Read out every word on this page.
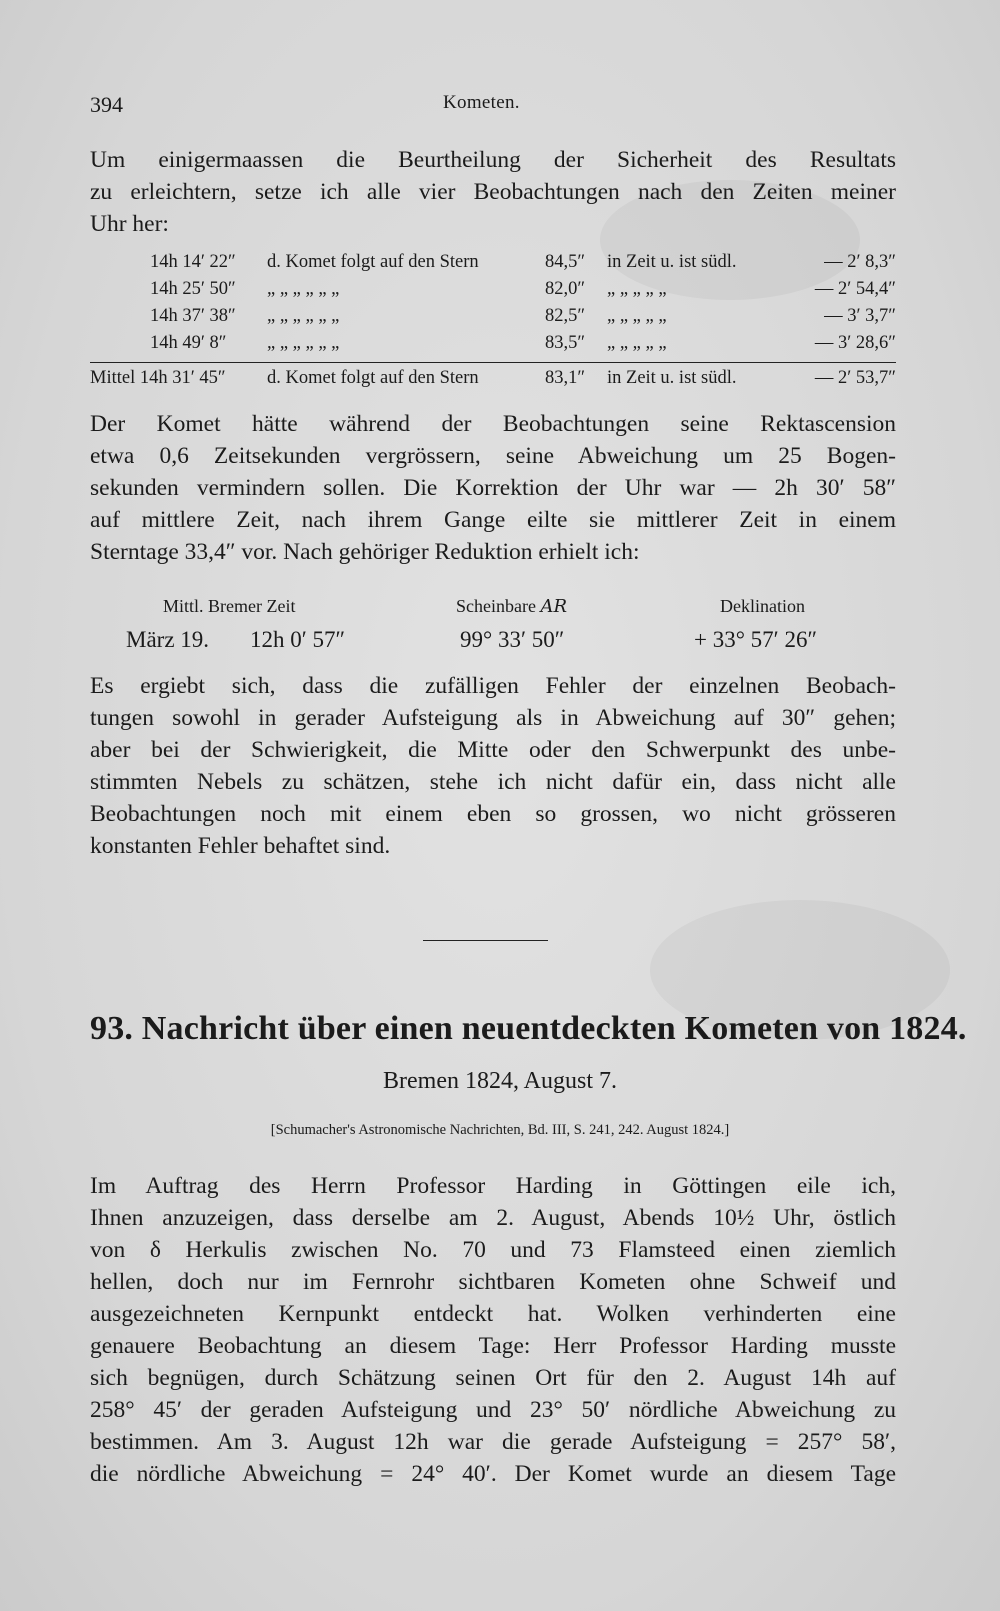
394	Kometen.
Um einigermaassen die Beurtheilung der Sicherheit des Resultats
zu erleichtern, setze ich alle vier Beobachtungen nach den Zeiten meiner
Uhr her:
14h 14′ 22″ d. Komet folgt auf den Stern	84,5″ in Zeit u. ist südl.	— 2′ 8,3″
14h 25′ 50″ „ „ „ „ „ „	82,0″ „ „ „ „ „	— 2′ 54,4″
14h 37′ 38″ „ „ „ „ „ „	82,5″ „ „ „ „ „	— 3′ 3,7″
14h 49′ 8″ „ „ „ „ „ „	83,5″ „ „ „ „ „	— 3′ 28,6″
Mittel 14h 31′ 45″ d. Komet folgt auf den Stern	83,1″ in Zeit u. ist südl.	— 2′ 53,7″
Der Komet hätte während der Beobachtungen seine Rektascension
etwa 0,6 Zeitsekunden vergrössern, seine Abweichung um 25 Bogen-
sekunden vermindern sollen. Die Korrektion der Uhr war — 2h 30′ 58″
auf mittlere Zeit, nach ihrem Gange eilte sie mittlerer Zeit in einem
Sterntage 33,4″ vor. Nach gehöriger Reduktion erhielt ich:
Mittl. Bremer Zeit	Scheinbare 𝐴𝑅	Deklination
März 19. 12h 0′ 57″	99° 33′ 50″	+ 33° 57′ 26″
Es ergiebt sich, dass die zufälligen Fehler der einzelnen Beobach-
tungen sowohl in gerader Aufsteigung als in Abweichung auf 30″ gehen;
aber bei der Schwierigkeit, die Mitte oder den Schwerpunkt des unbe-
stimmten Nebels zu schätzen, stehe ich nicht dafür ein, dass nicht alle
Beobachtungen noch mit einem eben so grossen, wo nicht grösseren
konstanten Fehler behaftet sind.
93. Nachricht über einen neuentdeckten Kometen von 1824.
Bremen 1824, August 7.
[Schumacher's Astronomische Nachrichten, Bd. III, S. 241, 242. August 1824.]
Im Auftrag des Herrn Professor Harding in Göttingen eile ich,
Ihnen anzuzeigen, dass derselbe am 2. August, Abends 10½ Uhr, östlich
von δ Herkulis zwischen No. 70 und 73 Flamsteed einen ziemlich
hellen, doch nur im Fernrohr sichtbaren Kometen ohne Schweif und
ausgezeichneten Kernpunkt entdeckt hat. Wolken verhinderten eine
genauere Beobachtung an diesem Tage: Herr Professor Harding musste
sich begnügen, durch Schätzung seinen Ort für den 2. August 14h auf
258° 45′ der geraden Aufsteigung und 23° 50′ nördliche Abweichung zu
bestimmen. Am 3. August 12h war die gerade Aufsteigung = 257° 58′,
die nördliche Abweichung = 24° 40′. Der Komet wurde an diesem Tage
